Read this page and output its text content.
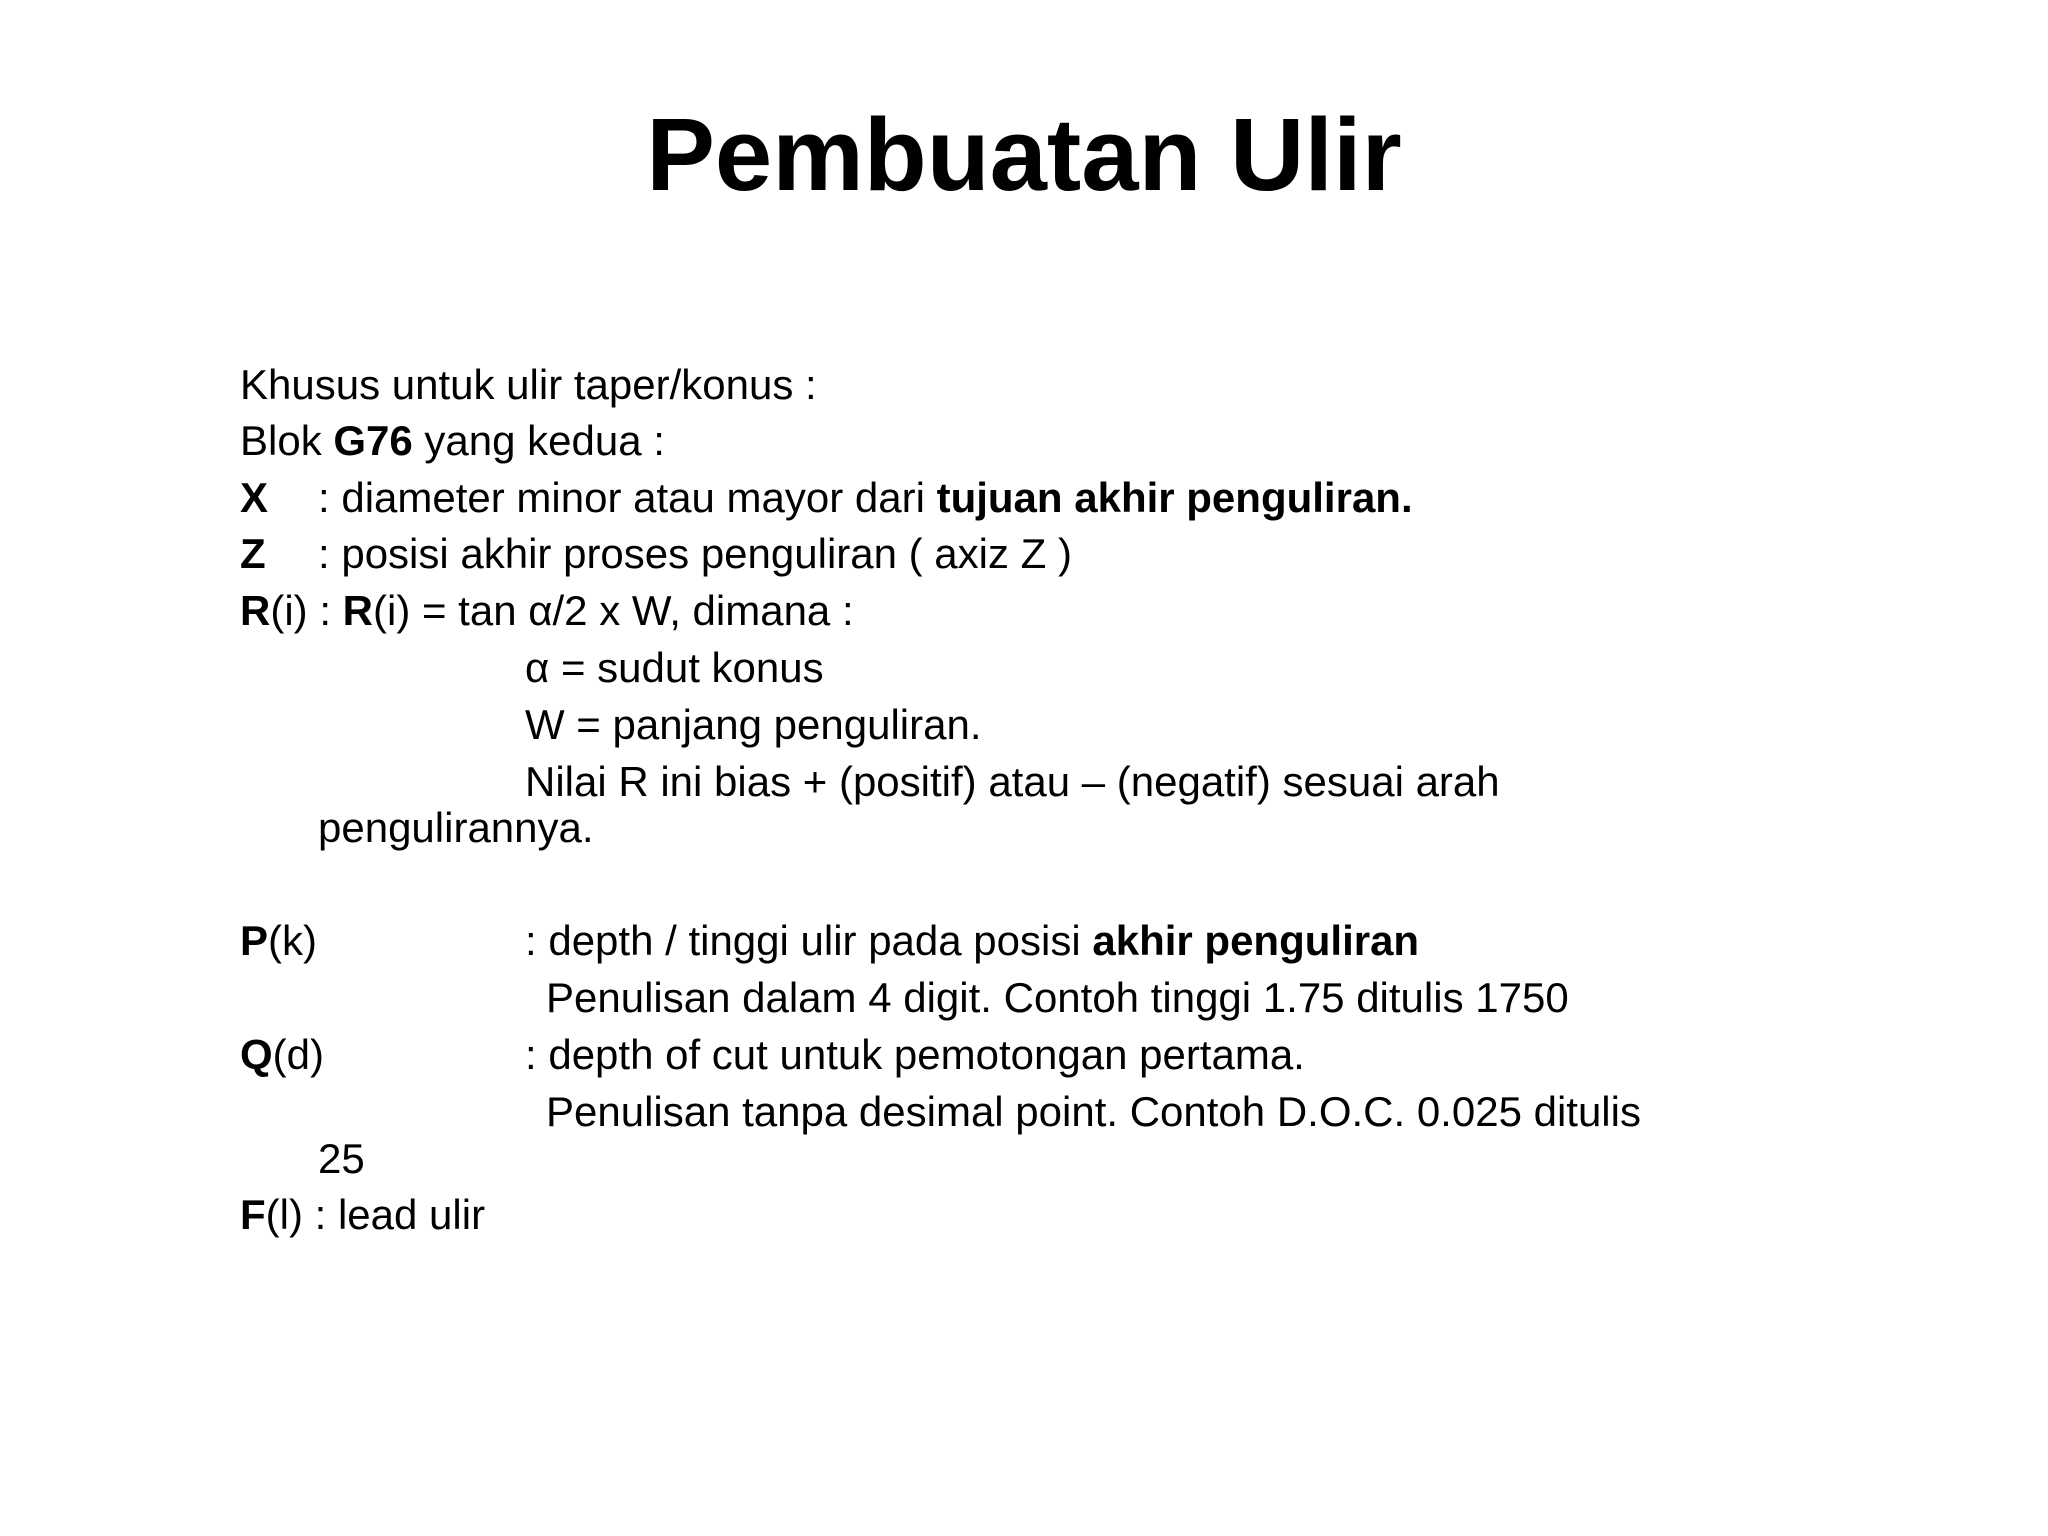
Pembuatan Ulir
Khusus untuk ulir taper/konus :
Blok G76 yang kedua :
X : diameter minor atau mayor dari tujuan akhir penguliran.
Z : posisi akhir proses penguliran ( axiz Z )
R(i) : R(i) = tan α/2 x W, dimana :
α = sudut konus
W = panjang penguliran.
Nilai R ini bias + (positif) atau – (negatif) sesuai arah
pengulirannya.
P(k)	: depth / tinggi ulir pada posisi akhir penguliran
Penulisan dalam 4 digit. Contoh tinggi 1.75 ditulis 1750
Q(d)	: depth of cut untuk pemotongan pertama.
Penulisan tanpa desimal point. Contoh D.O.C. 0.025 ditulis
25
F(l) : lead ulir
